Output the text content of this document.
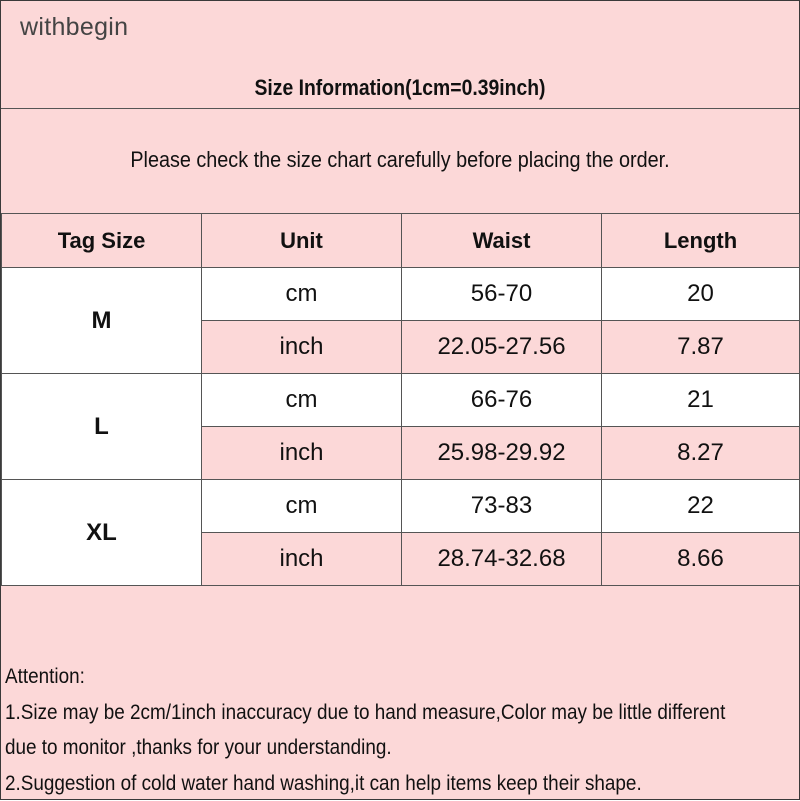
withbegin
Size Information(1cm=0.39inch)
Please check the size chart carefully before placing the order.
Tag Size	Unit	Waist	Length
M	cm	56-70	20
	inch	22.05-27.56	7.87
L	cm	66-76	21
	inch	25.98-29.92	8.27
XL	cm	73-83	22
	inch	28.74-32.68	8.66
Attention:
1.Size may be 2cm/1inch inaccuracy due to hand measure,Color may be little different
due to monitor ,thanks for your understanding.
2.Suggestion of cold water hand washing,it can help items keep their shape.
